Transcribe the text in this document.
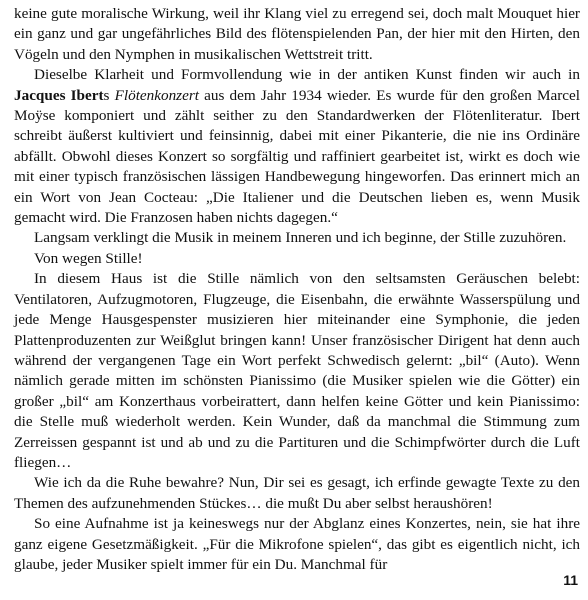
keine gute moralische Wirkung, weil ihr Klang viel zu erregend sei, doch malt Mouquet hier ein ganz und gar ungefährliches Bild des flötenspielenden Pan, der hier mit den Hirten, den Vögeln und den Nymphen in musikalischen Wettstreit tritt.

Dieselbe Klarheit und Formvollendung wie in der antiken Kunst finden wir auch in Jacques Iberts Flötenkonzert aus dem Jahr 1934 wieder. Es wurde für den großen Marcel Moÿse komponiert und zählt seither zu den Standardwerken der Flötenliteratur. Ibert schreibt äußerst kultiviert und feinsinnig, dabei mit einer Pikanterie, die nie ins Ordinäre abfällt. Obwohl dieses Konzert so sorgfältig und raffiniert gearbeitet ist, wirkt es doch wie mit einer typisch französischen lässigen Handbewegung hingeworfen. Das erinnert mich an ein Wort von Jean Cocteau: „Die Italiener und die Deutschen lieben es, wenn Musik gemacht wird. Die Franzosen haben nichts dagegen.“

Langsam verklingt die Musik in meinem Inneren und ich beginne, der Stille zuzuhören.

Von wegen Stille!

In diesem Haus ist die Stille nämlich von den seltsamsten Geräuschen belebt: Ventilatoren, Aufzugmotoren, Flugzeuge, die Eisenbahn, die erwähnte Wasserspülung und jede Menge Hausgespenster musizieren hier miteinander eine Symphonie, die jeden Plattenproduzenten zur Weißglut bringen kann! Unser französischer Dirigent hat denn auch während der vergangenen Tage ein Wort perfekt Schwedisch gelernt: „bil“ (Auto). Wenn nämlich gerade mitten im schönsten Pianissimo (die Musiker spielen wie die Götter) ein großer „bil“ am Konzerthaus vorbeirattert, dann helfen keine Götter und kein Pianissimo: die Stelle muß wiederholt werden. Kein Wunder, daß da manchmal die Stimmung zum Zerreissen gespannt ist und ab und zu die Partituren und die Schimpfwörter durch die Luft fliegen…

Wie ich da die Ruhe bewahre? Nun, Dir sei es gesagt, ich erfinde gewagte Texte zu den Themen des aufzunehmenden Stückes… die mußt Du aber selbst heraushören!

So eine Aufnahme ist ja keineswegs nur der Abglanz eines Konzertes, nein, sie hat ihre ganz eigene Gesetzmäßigkeit. „Für die Mikrofone spielen“, das gibt es eigentlich nicht, ich glaube, jeder Musiker spielt immer für ein Du. Manchmal für

11
